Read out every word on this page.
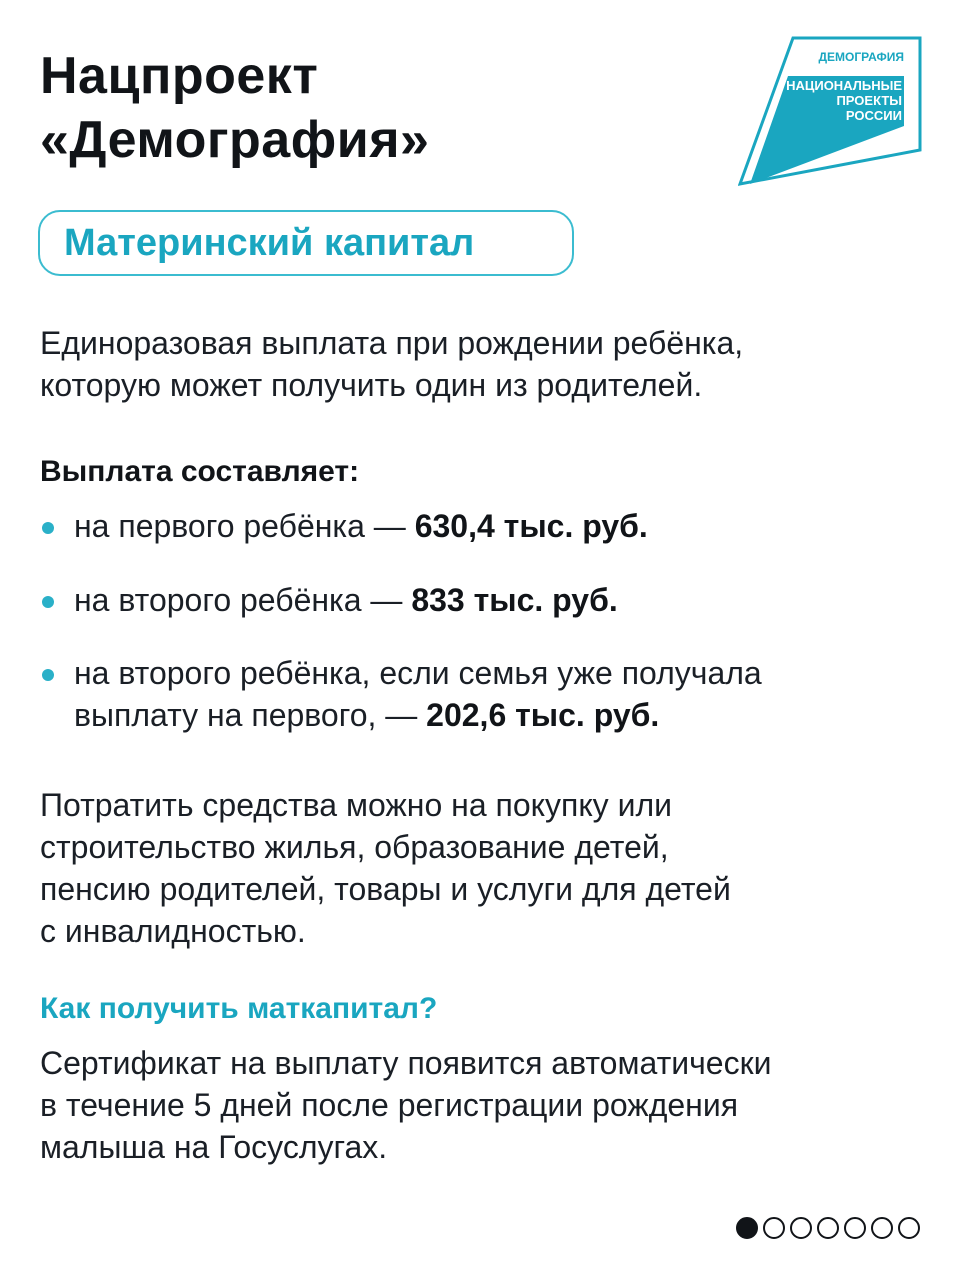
Нацпроект
«Демография»
ДЕМОГРАФИЯ
НАЦИОНАЛЬНЫЕ
ПРОЕКТЫ
РОССИИ
Материнский капитал
Единоразовая выплата при рождении ребёнка,
которую может получить один из родителей.
Выплата составляет:
на первого ребёнка — 630,4 тыс. руб.
на второго ребёнка — 833 тыс. руб.
на второго ребёнка, если семья уже получала
выплату на первого, — 202,6 тыс. руб.
Потратить средства можно на покупку или
строительство жилья, образование детей,
пенсию родителей, товары и услуги для детей
с инвалидностью.
Как получить маткапитал?
Сертификат на выплату появится автоматически
в течение 5 дней после регистрации рождения
малыша на Госуслугах.
